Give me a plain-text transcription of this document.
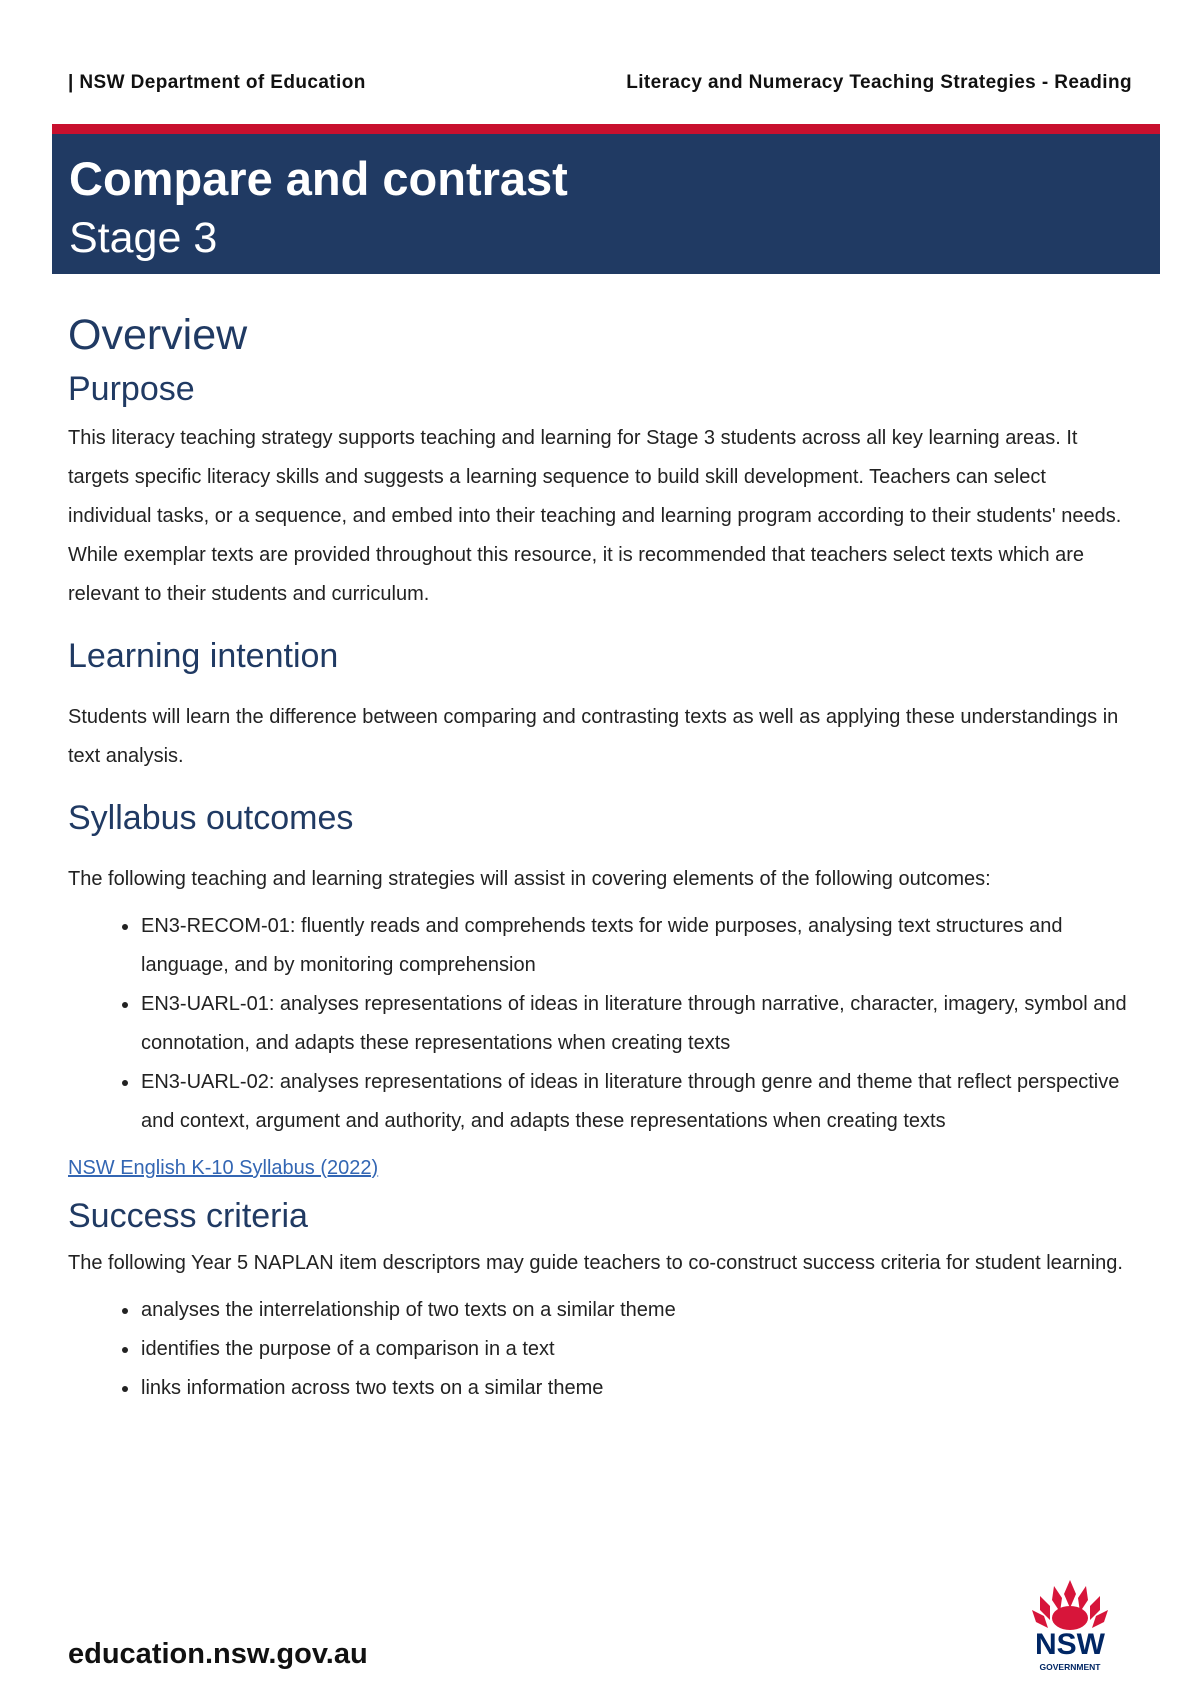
| NSW Department of Education	Literacy and Numeracy Teaching Strategies - Reading
Compare and contrast
Stage 3
Overview
Purpose

This literacy teaching strategy supports teaching and learning for Stage 3 students across all key learning areas. It targets specific literacy skills and suggests a learning sequence to build skill development. Teachers can select individual tasks, or a sequence, and embed into their teaching and learning program according to their students' needs. While exemplar texts are provided throughout this resource, it is recommended that teachers select texts which are relevant to their students and curriculum.

Learning intention

Students will learn the difference between comparing and contrasting texts as well as applying these understandings in text analysis.

Syllabus outcomes

The following teaching and learning strategies will assist in covering elements of the following outcomes:

• EN3-RECOM-01: fluently reads and comprehends texts for wide purposes, analysing text structures and language, and by monitoring comprehension
• EN3-UARL-01: analyses representations of ideas in literature through narrative, character, imagery, symbol and connotation, and adapts these representations when creating texts
• EN3-UARL-02: analyses representations of ideas in literature through genre and theme that reflect perspective and context, argument and authority, and adapts these representations when creating texts
NSW English K-10 Syllabus (2022)
Success criteria

The following Year 5 NAPLAN item descriptors may guide teachers to co-construct success criteria for student learning.

• analyses the interrelationship of two texts on a similar theme
• identifies the purpose of a comparison in a text
• links information across two texts on a similar theme
education.nsw.gov.au	NSW
GOVERNMENT
